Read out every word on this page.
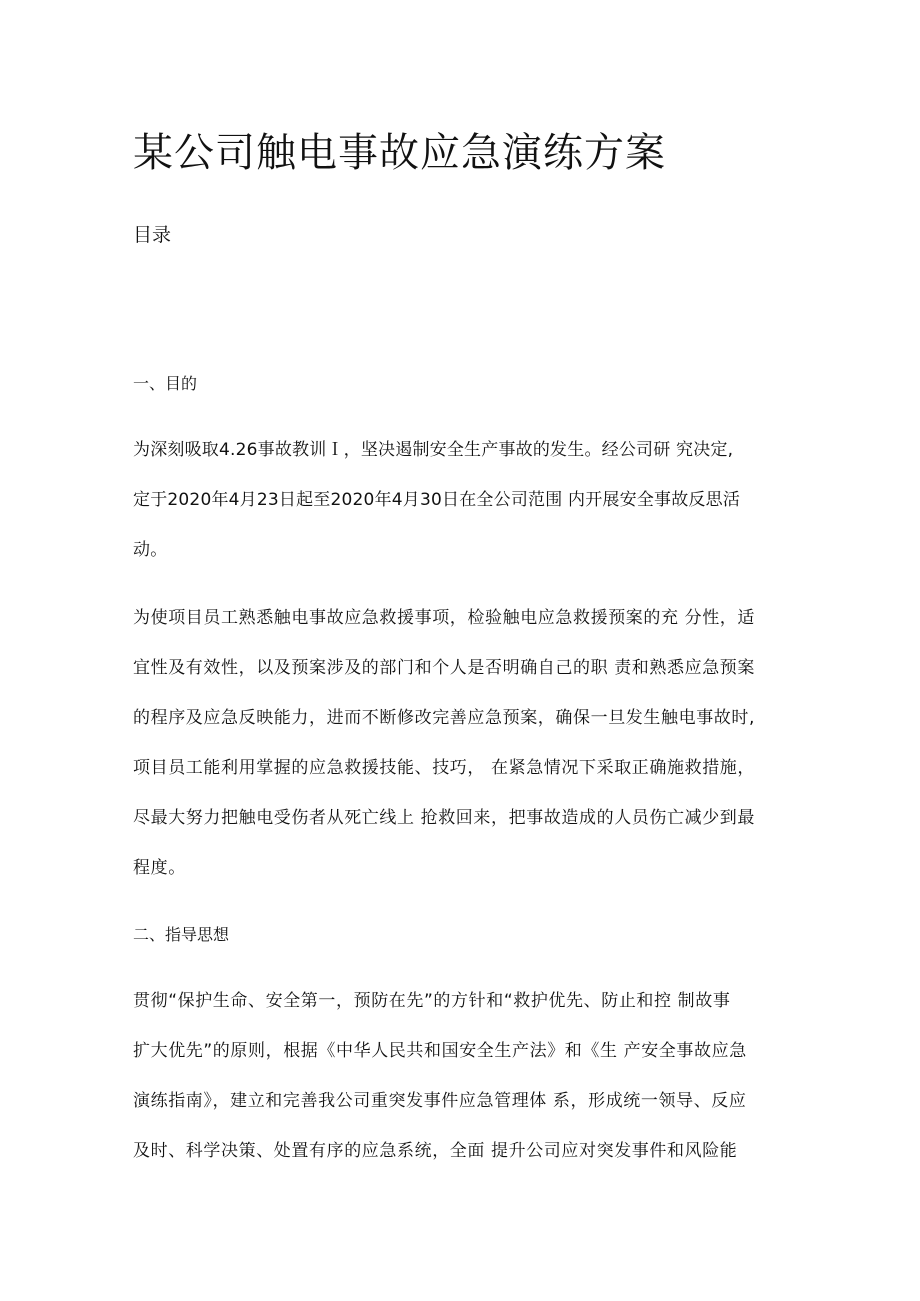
某公司触电事故应急演练方案
目录
一、目的
为深刻吸取4.26事故教训Ｉ，坚决遏制安全生产事故的发生。经公司研 究决定,
定于2020年4月23日起至2020年4月30日在全公司范围 内开展安全事故反思活
动。
为使项目员工熟悉触电事故应急救援事项，检验触电应急救援预案的充 分性，适
宜性及有效性，以及预案涉及的部门和个人是否明确自己的职 责和熟悉应急预案
的程序及应急反映能力，进而不断修改完善应急预案，确保一旦发生触电事故时,
项目员工能利用掌握的应急救援技能、技巧， 在紧急情况下采取正确施救措施，
尽最大努力把触电受伤者从死亡线上 抢救回来，把事故造成的人员伤亡减少到最
程度。
二、指导思想
贯彻“保护生命、安全第一，预防在先”的方针和“救护优先、防止和控 制故事
扩大优先”的原则，根据《中华人民共和国安全生产法》和《生 产安全事故应急
演练指南》，建立和完善我公司重突发事件应急管理体 系，形成统一领导、反应
及时、科学决策、处置有序的应急系统，全面 提升公司应对突发事件和风险能
